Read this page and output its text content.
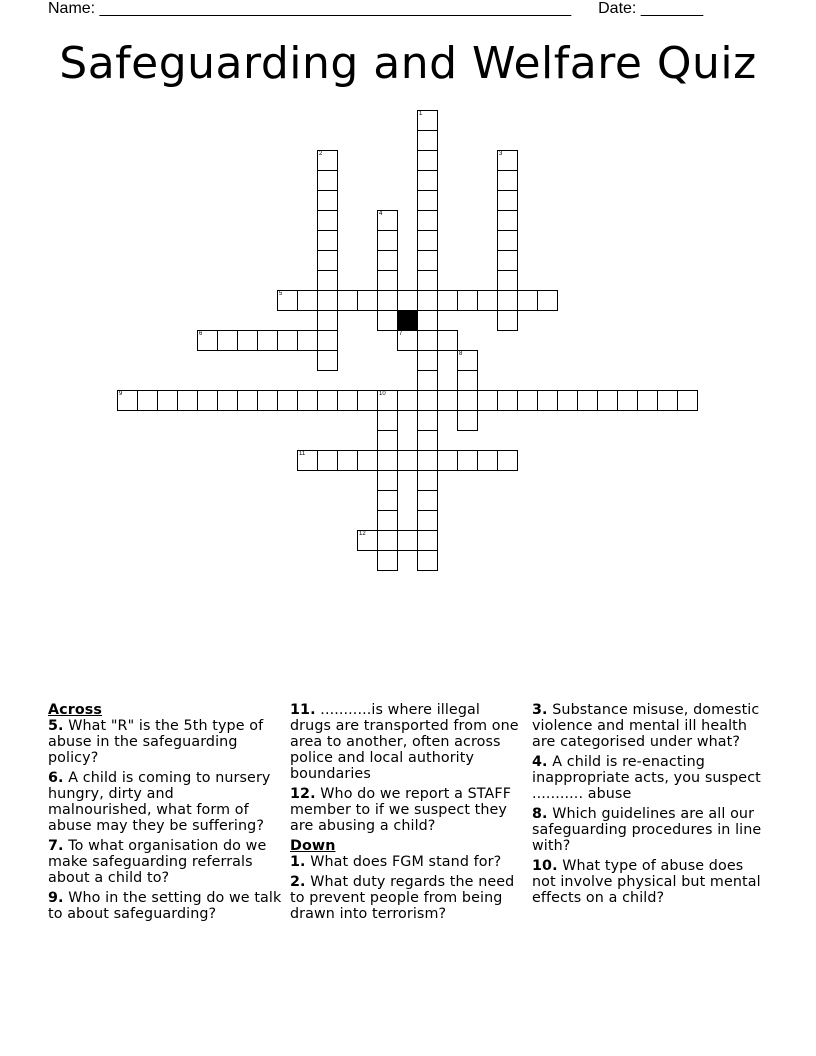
Name: _____________________________________________________ Date: _______
Safeguarding and Welfare Quiz
1
2	3
4
5
6	7
8
9	10
11
12
Across
5. What "R" is the 5th type of abuse in the safeguarding policy?
6. A child is coming to nursery hungry, dirty and malnourished, what form of abuse may they be suffering?
7. To what organisation do we make safeguarding referrals about a child to?
9. Who in the setting do we talk to about safeguarding?
11. ...........is where illegal drugs are transported from one area to another, often across police and local authority boundaries
12. Who do we report a STAFF member to if we suspect they are abusing a child?
Down
1. What does FGM stand for?
2. What duty regards the need to prevent people from being drawn into terrorism?
3. Substance misuse, domestic violence and mental ill health are categorised under what?
4. A child is re-enacting inappropriate acts, you suspect ........... abuse
8. Which guidelines are all our safeguarding procedures in line with?
10. What type of abuse does not involve physical but mental effects on a child?
